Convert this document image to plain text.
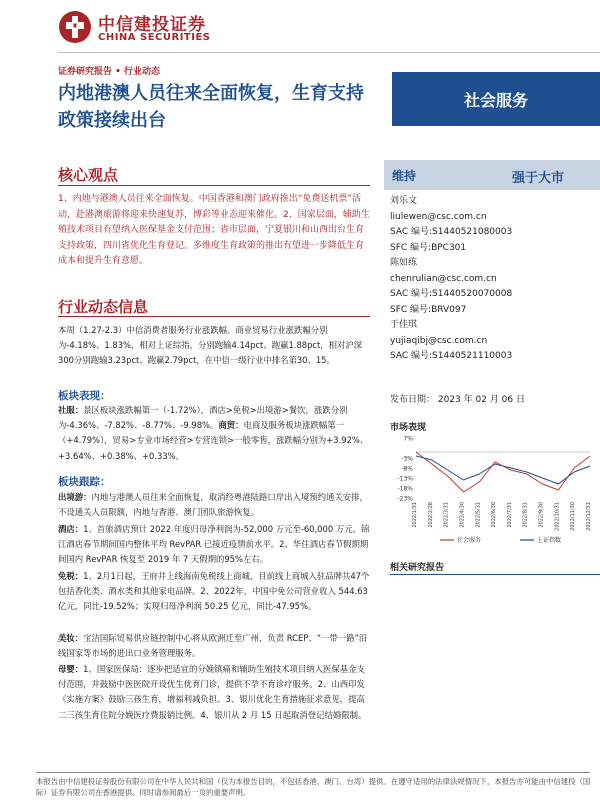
中信建投证券
CHINA SECURITIES
证券研究报告 • 行业动态
内地港澳人员往来全面恢复，生育支持政策接续出台
社会服务
核心观点
1、内地与港澳人员往来全面恢复。中国香港和澳门政府推出“免费送机票”活动，赴港澳旅游将迎来快速复苏，博彩等业态迎来催化。2、国家层面，辅助生殖技术项目有望纳入医保基金支付范围；省市层面，宁夏银川和山西出台生育支持政策，四川省优化生育登记。多维度生育政策的推出有望进一步降低生育成本和提升生育意愿。
行业动态信息
本周（1.27-2.3）中信消费者服务行业涨跌幅、商业贸易行业涨跌幅分别为-4.18%、1.83%，相对上证综指，分别跑输4.14pct、跑赢1.88pct，相对沪深300分别跑输3.23pct、跑赢2.79pct，在中信一级行业中排名第30、15。
板块表现：
社服：景区板块涨跌幅第一（-1.72%），酒店>免税>出境游>餐饮，涨跌分别为-4.36%、-7.82%、-8.77%、-9.98%。商贸：电商及服务板块涨跌幅第一（+4.79%），贸易>专业市场经营>专营连锁>一般零售，涨跌幅分别为+3.92%、+3.64%、+0.38%、+0.33%。
板块跟踪：
出境游：内地与港澳人员往来全面恢复，取消经粤港陆路口岸出入境预约通关安排，不设通关人员限额，内地与香港、澳门团队旅游恢复。
酒店：1、首旅酒店预计 2022 年度归母净利润为-52,000 万元至-60,000 万元。锦江酒店春节期间国内整体平均 RevPAR 已接近疫情前水平。2、华住酒店春节假期期间国内 RevPAR 恢复至 2019 年 7 天假期的95%左右。
免税：1、2月1日起，王府井上线海南免税线上商城，目前线上商城入驻品牌共47个包括香化类、酒水类和其他家电品牌。2、2022年，中国中免公司营业收入 544.63 亿元，同比-19.52%；实现归母净利润 50.25 亿元，同比-47.95%。
美妆：宝洁国际贸易供应链控制中心将从欧洲迁至广州，负责 RCEP、“一带一路”沿线国家等市场的进出口业务管理服务。
母婴：1、国家医保局：逐步把适宜的分娩镇痛和辅助生殖技术项目纳入医保基金支付范围，并鼓励中医医院开设优生优育门诊，提供不孕不育诊疗服务。2、山西印发《实施方案》鼓励三孩生育，增福利减负担。3、银川优化生育措施征求意见，提高二三孩生育住院分娩医疗费报销比例。4、银川从 2 月 15 日起取消登记结婚限制。
维持	强于大市
刘乐文
liulewen@csc.com.cn
SAC 编号:S1440521080003
SFC 编号:BPC301
陈如练
chenrulian@csc.com.cn
SAC 编号:S1440520070008
SFC 编号:BRV097
于佳琪
yujiaqibj@csc.com.cn
SAC 编号:S1440521110003
发布日期： 2023 年 02 月 06 日
市场表现
7%
-3%
-8%
-13%
-18%
-23%
2022/1/31 2022/2/28 2022/3/31 2022/4/30 2022/5/31 2022/6/30 2022/7/31 2022/8/31 2022/9/30 2022/10/31 2022/11/30 2022/12/31
社会服务	上证指数
相关研究报告
本报告由中信建投证券股份有限公司在中华人民共和国（仅为本报告目的，不包括香港、澳门、台湾）提供。在遵守适用的法律法规情况下，本报告亦可能由中信建投（国际）证券有限公司在香港提供。同时请参阅最后一页的重要声明。
